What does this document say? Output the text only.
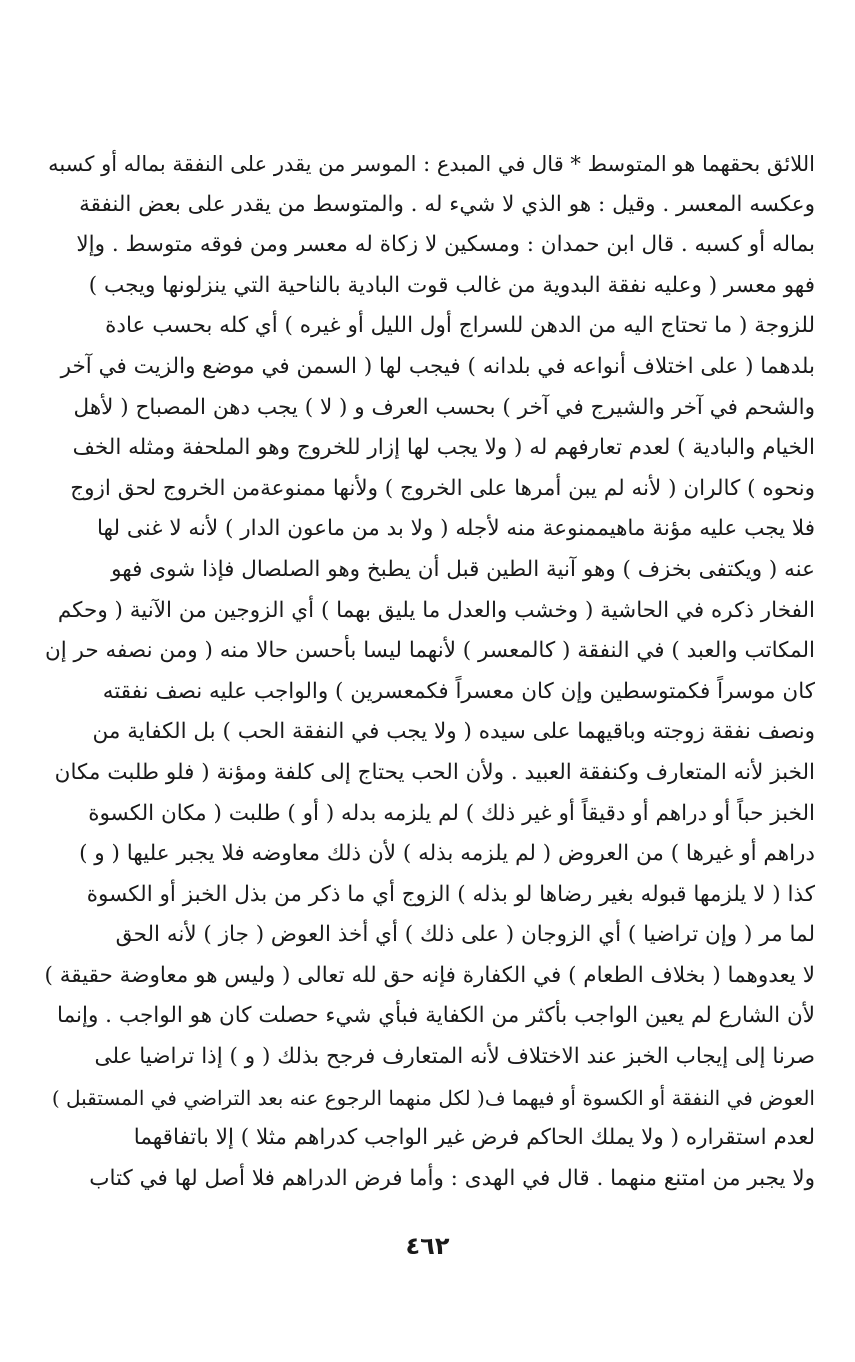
اللائق بحقهما هو المتوسط * قال في المبدع : الموسر من يقدر على النفقة بماله أو كسبه
وعكسه المعسر . وقيل : هو الذي لا شيء له . والمتوسط من يقدر على بعض النفقة
بماله أو كسبه . قال ابن حمدان : ومسكين لا زكاة له معسر ومن فوقه متوسط . وإلا
فهو معسر ( وعليه نفقة البدوية من غالب قوت البادية بالناحية التي ينزلونها ويجب )
للزوجة ( ما تحتاج اليه من الدهن للسراج أول الليل أو غيره ) أي كله بحسب عادة
بلدهما ( على اختلاف أنواعه في بلدانه ) فيجب لها ( السمن في موضع والزيت في آخر
والشحم في آخر والشيرج في آخر ) بحسب العرف و ( لا ) يجب دهن المصباح ( لأهل
الخيام والبادية ) لعدم تعارفهم له ( ولا يجب لها إزار للخروج وهو الملحفة ومثله الخف
ونحوه ) كالران ( لأنه لم يبن أمرها على الخروج ) ولأنها ممنوعةمن الخروج لحق ازوج
فلا يجب عليه مؤنة ماهيممنوعة منه لأجله ( ولا بد من ماعون الدار ) لأنه لا غنى لها
عنه ( ويكتفى بخزف ) وهو آنية الطين قبل أن يطبخ وهو الصلصال فإذا شوى فهو
الفخار ذكره في الحاشية ( وخشب والعدل ما يليق بهما ) أي الزوجين من الآنية ( وحكم
المكاتب والعبد ) في النفقة ( كالمعسر ) لأنهما ليسا بأحسن حالا منه ( ومن نصفه حر إن
كان موسراً فكمتوسطين وإن كان معسراً فكمعسرين ) والواجب عليه نصف نفقته
ونصف نفقة زوجته وباقيهما على سيده ( ولا يجب في النفقة الحب ) بل الكفاية من
الخبز لأنه المتعارف وكنفقة العبيد . ولأن الحب يحتاج إلى كلفة ومؤنة ( فلو طلبت مكان
الخبز حباً أو دراهم أو دقيقاً أو غير ذلك ) لم يلزمه بدله ( أو ) طلبت ( مكان الكسوة
دراهم أو غيرها ) من العروض ( لم يلزمه بذله ) لأن ذلك معاوضه فلا يجبر عليها ( و )
كذا ( لا يلزمها قبوله بغير رضاها لو بذله ) الزوج أي ما ذكر من بذل الخبز أو الكسوة
لما مر ( وإن تراضيا ) أي الزوجان ( على ذلك ) أي أخذ العوض ( جاز ) لأنه الحق
لا يعدوهما ( بخلاف الطعام ) في الكفارة فإنه حق لله تعالى ( وليس هو معاوضة حقيقة )
لأن الشارع لم يعين الواجب بأكثر من الكفاية فبأي شيء حصلت كان هو الواجب . وإنما
صرنا إلى إيجاب الخبز عند الاختلاف لأنه المتعارف فرجح بذلك ( و ) إذا تراضيا على
العوض في النفقة أو الكسوة أو فيهما ف( لكل منهما الرجوع عنه بعد التراضي في المستقبل )
لعدم استقراره ( ولا يملك الحاكم فرض غير الواجب كدراهم مثلا ) إلا باتفاقهما
ولا يجبر من امتنع منهما . قال في الهدى : وأما فرض الدراهم فلا أصل لها في كتاب
٤٦٢
